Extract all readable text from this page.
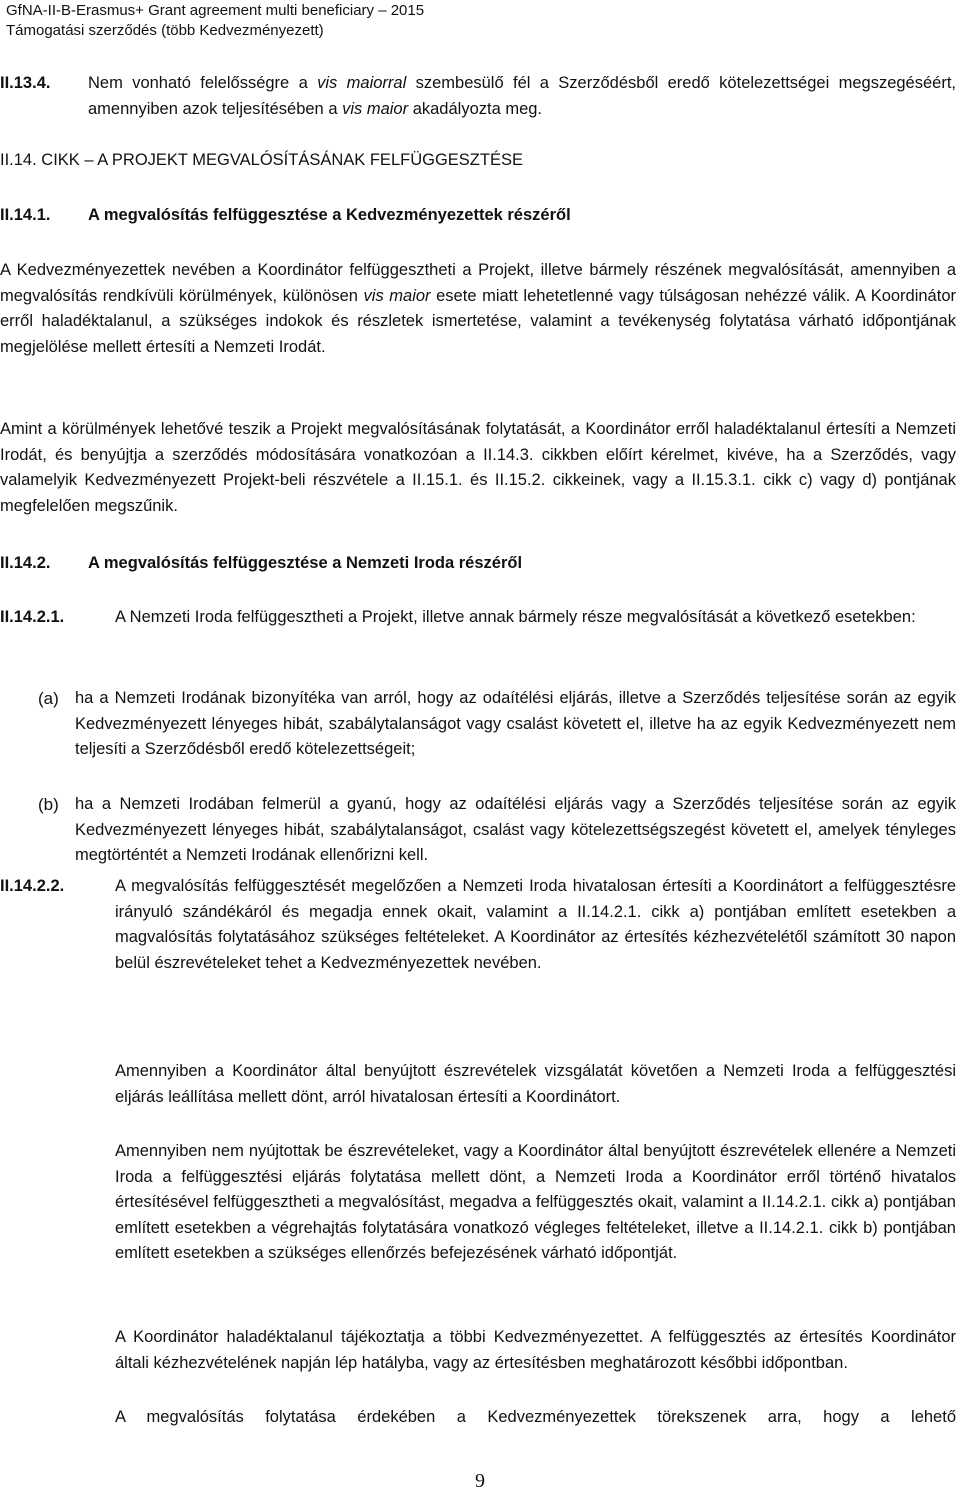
GfNA-II-B-Erasmus+ Grant agreement multi beneficiary – 2015
Támogatási szerződés (több Kedvezményezett)
II.13.4. Nem vonható felelősségre a vis maiorral szembesülő fél a Szerződésből eredő kötelezettségei megszegéséért, amennyiben azok teljesítésében a vis maior akadályozta meg.

II.14. CIKK – A PROJEKT MEGVALÓSÍTÁSÁNAK FELFÜGGESZTÉSE
II.14.1. A megvalósítás felfüggesztése a Kedvezményezettek részéről

A Kedvezményezettek nevében a Koordinátor felfüggesztheti a Projekt, illetve bármely részének megvalósítását, amennyiben a megvalósítás rendkívüli körülmények, különösen vis maior esete miatt lehetetlenné vagy túlságosan nehézzé válik. A Koordinátor erről haladéktalanul, a szükséges indokok és részletek ismertetése, valamint a tevékenység folytatása várható időpontjának megjelölése mellett értesíti a Nemzeti Irodát.

Amint a körülmények lehetővé teszik a Projekt megvalósításának folytatását, a Koordinátor erről haladéktalanul értesíti a Nemzeti Irodát, és benyújtja a szerződés módosítására vonatkozóan a II.14.3. cikkben előírt kérelmet, kivéve, ha a Szerződés, vagy valamelyik Kedvezményezett Projekt-beli részvétele a II.15.1. és II.15.2. cikkeinek, vagy a II.15.3.1. cikk c) vagy d) pontjának megfelelően megszűnik.

II.14.2. A megvalósítás felfüggesztése a Nemzeti Iroda részéről
II.14.2.1.	A Nemzeti Iroda felfüggesztheti a Projekt, illetve annak bármely része megvalósítását a következő esetekben:

(a) ha a Nemzeti Irodának bizonyítéka van arról, hogy az odaítélési eljárás, illetve a Szerződés teljesítése során az egyik Kedvezményezett lényeges hibát, szabálytalanságot vagy csalást követett el, illetve ha az egyik Kedvezményezett nem teljesíti a Szerződésből eredő kötelezettségeit;

(b) ha a Nemzeti Irodában felmerül a gyanú, hogy az odaítélési eljárás vagy a Szerződés teljesítése során az egyik Kedvezményezett lényeges hibát, szabálytalanságot, csalást vagy kötelezettségszegést követett el, amelyek tényleges megtörténtét a Nemzeti Irodának ellenőrizni kell.

II.14.2.2.	A megvalósítás felfüggesztését megelőzően a Nemzeti Iroda hivatalosan értesíti a Koordinátort a felfüggesztésre irányuló szándékáról és megadja ennek okait, valamint a II.14.2.1. cikk a) pontjában említett esetekben a magvalósítás folytatásához szükséges feltételeket. A Koordinátor az értesítés kézhezvételétől számított 30 napon belül észrevételeket tehet a Kedvezményezettek nevében.

Amennyiben a Koordinátor által benyújtott észrevételek vizsgálatát követően a Nemzeti Iroda a felfüggesztési eljárás leállítása mellett dönt, arról hivatalosan értesíti a Koordinátort.

Amennyiben nem nyújtottak be észrevételeket, vagy a Koordinátor által benyújtott észrevételek ellenére a Nemzeti Iroda a felfüggesztési eljárás folytatása mellett dönt, a Nemzeti Iroda a Koordinátor erről történő hivatalos értesítésével felfüggesztheti a megvalósítást, megadva a felfüggesztés okait, valamint a II.14.2.1. cikk a) pontjában említett esetekben a végrehajtás folytatására vonatkozó végleges feltételeket, illetve a II.14.2.1. cikk b) pontjában említett esetekben a szükséges ellenőrzés befejezésének várható időpontját.

A Koordinátor haladéktalanul tájékoztatja a többi Kedvezményezettet. A felfüggesztés az értesítés Koordinátor általi kézhezvételének napján lép hatályba, vagy az értesítésben meghatározott későbbi időpontban.

A megvalósítás folytatása érdekében a Kedvezményezettek törekszenek arra, hogy a lehető

9
